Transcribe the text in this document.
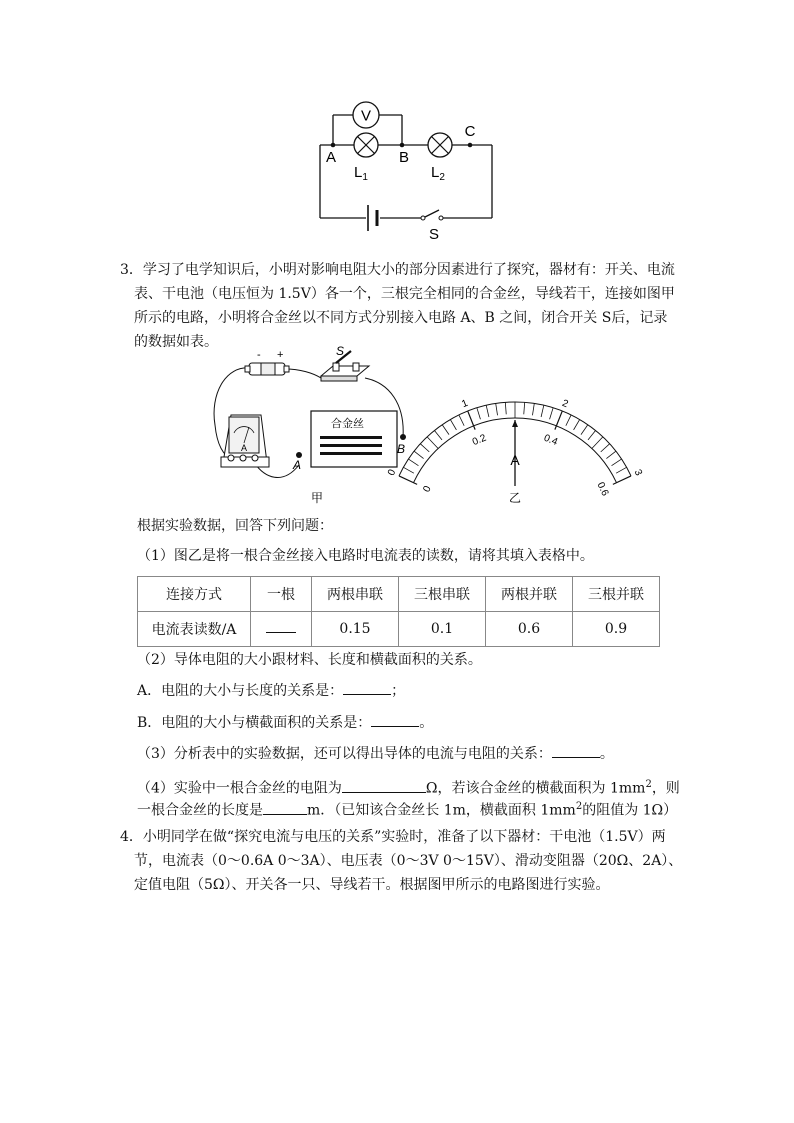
V
A	B
C
$L_1$	$L_2$
S
3．学习了电学知识后，小明对影响电阻大小的部分因素进行了探究，器材有：开关、电流
表、干电池（电压恒为 1.5V）各一个，三根完全相同的合金丝，导线若干，连接如图甲
所示的电路，小明将合金丝以不同方式分别接入电路 A、B 之间，闭合开关 S后，记录
的数据如表。
- +	S
A
合金丝
A
B
甲
0
1	2
3
0
0.2	0.4
0.6
A
乙
根据实验数据，回答下列问题：
（1）图乙是将一根合金丝接入电路时电流表的读数，请将其填入表格中。
连接方式	一根	两根串联	三根串联	两根并联	三根并联
电流表读数/A		0.15	0.1	0.6	0.9
（2）导体电阻的大小跟材料、长度和横截面积的关系。
A．电阻的大小与长度的关系是：	；
B．电阻的大小与横截面积的关系是：	。
（3）分析表中的实验数据，还可以得出导体的电流与电阻的关系：	。
（4）实验中一根合金丝的电阻为	Ω，若该合金丝的横截面积为 $1mm^2$，则
一根合金丝的长度是	m．（已知该合金丝长 1m，横截面积 $1mm^2$的阻值为 1Ω）
4．小明同学在做“探究电流与电压的关系”实验时，准备了以下器材：干电池（1.5V）两
节，电流表（0～0.6A 0～3A）、电压表（0～3V 0～15V）、滑动变阻器（20Ω、2A）、
定值电阻（5Ω）、开关各一只、导线若干。根据图甲所示的电路图进行实验。
